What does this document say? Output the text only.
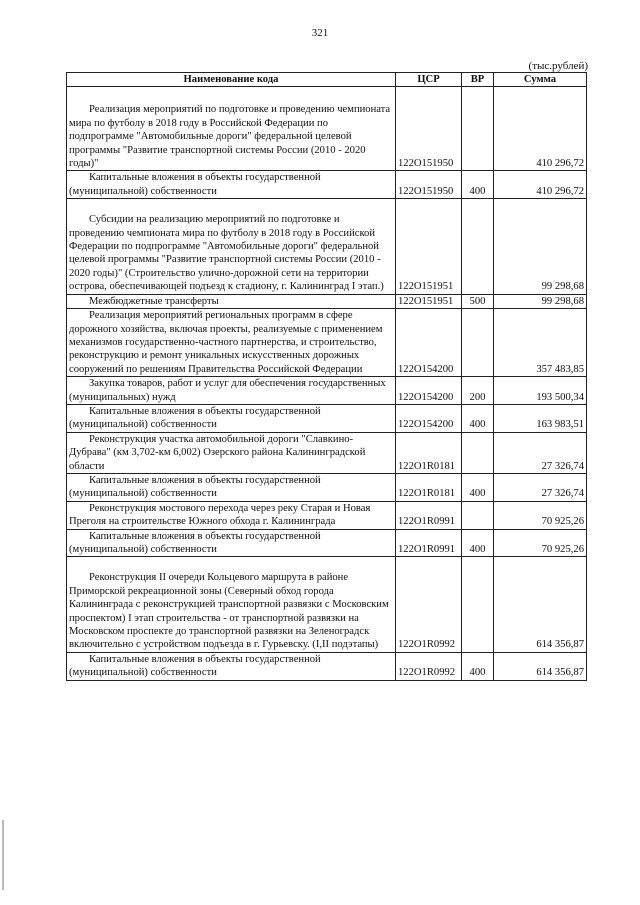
321
(тыс.рублей)
Наименование кода	ЦСР	ВР	Сумма

Реализация мероприятий по подготовке и проведению чемпионата мира по футболу в 2018 году в Российской Федерации по подпрограмме "Автомобильные дороги" федеральной целевой программы "Развитие транспортной системы России (2010 - 2020 годы)"	122О151950		410 296,72

Капитальные вложения в объекты государственной (муниципальной) собственности	122О151950	400	410 296,72

Субсидии на реализацию мероприятий по подготовке и проведению чемпионата мира по футболу в 2018 году в Российской Федерации по подпрограмме "Автомобильные дороги" федеральной целевой программы "Развитие транспортной системы России (2010 - 2020 годы)" (Строительство улично-дорожной сети на территории острова, обеспечивающей подъезд к стадиону, г. Калининград I этап.)	122О151951		99 298,68

Межбюджетные трансферты	122О151951	500	99 298,68

Реализация мероприятий региональных программ в сфере дорожного хозяйства, включая проекты, реализуемые с применением механизмов государственно-частного партнерства, и строительство, реконструкцию и ремонт уникальных искусственных дорожных сооружений по решениям Правительства Российской Федерации	122О154200		357 483,85

Закупка товаров, работ и услуг для обеспечения государственных (муниципальных) нужд	122О154200	200	193 500,34

Капитальные вложения в объекты государственной (муниципальной) собственности	122О154200	400	163 983,51

Реконструкция участка автомобильной дороги "Славкино-Дубрава" (км 3,702-км 6,002) Озерского района Калининградской области	122О1R0181		27 326,74

Капитальные вложения в объекты государственной (муниципальной) собственности	122О1R0181	400	27 326,74

Реконструкция мостового перехода через реку Старая и Новая Преголя на строительстве Южного обхода г. Калининграда	122О1R0991		70 925,26

Капитальные вложения в объекты государственной (муниципальной) собственности	122О1R0991	400	70 925,26

Реконструкция II очереди Кольцевого маршрута в районе Приморской рекреационной зоны (Северный обход города Калининграда с реконструкцией транспортной развязки с Московским проспектом) I этап строительства - от транспортной развязки на Московском проспекте до транспортной развязки на Зеленоградск включительно с устройством подъезда в г. Гурьевску. (I,II подэтапы)	122О1R0992		614 356,87

Капитальные вложения в объекты государственной (муниципальной) собственности	122О1R0992	400	614 356,87
